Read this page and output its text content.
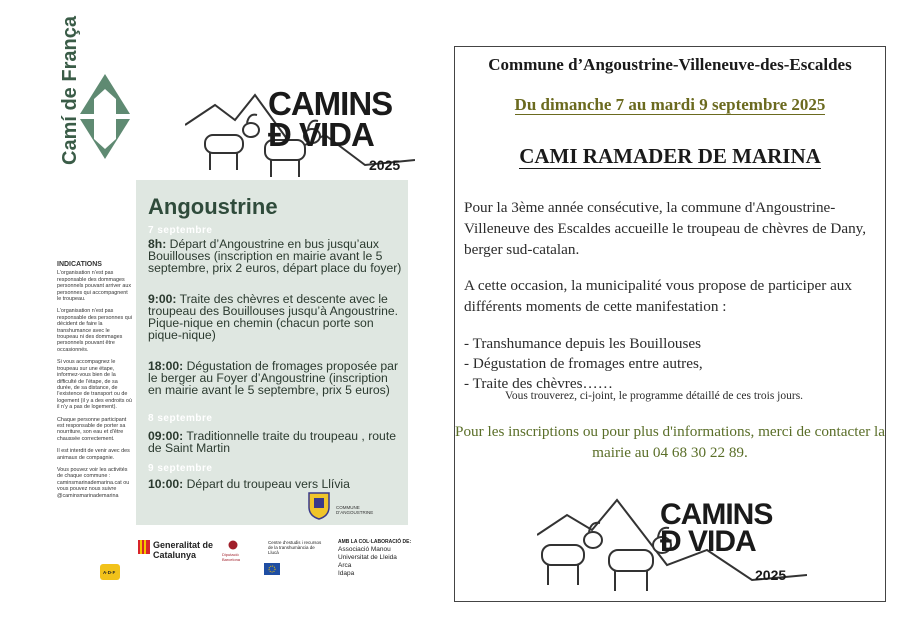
Camí de França	CAMINS
Đ VIDA
2025
Angoustrine
7 septembre
8h: Départ d’Angoustrine en bus jusqu’aux Bouillouses (inscription en mairie avant le 5 septembre, prix 2 euros, départ place du foyer)
9:00: Traite des chèvres et descente avec le troupeau des Bouillouses jusqu’à Angoustrine. Pique-nique en chemin (chacun porte son pique-nique)
18:00: Dégustation de fromages proposée par le berger au Foyer d’Angoustrine (inscription en mairie avant le 5 septembre, prix 5 euros)
8 septembre
09:00: Traditionnelle traite du troupeau , route de Saint Martin
9 septembre
10:00: Départ du troupeau vers Llívia
COMMUNE D’ANGOUSTRINE
INDICATIONS

L’organisation n’est pas responsable des dommages personnels pouvant arriver aux personnes qui accompagnent le troupeau.

L’organisation n’est pas responsable des personnes qui décident de faire la transhumance avec le troupeau ni des dommages personnels pouvant être occasionnés.

Si vous accompagnez le troupeau sur une étape, informez-vous bien de la difficulté de l’étape, de sa durée, de sa distance, de l’existence de transport ou de logement (il y a des endroits où il n’y a pas de logement).

Chaque personne participant est responsable de porter sa nourriture, son eau et d’être chaussée correctement.

Il est interdit de venir avec des animaux de compagnie.

Vous pouvez voir les activités de chaque commune : caminsmarinademarina.cat ou vous pouvez nous suivre @caminsmarinademarina

Generalitat de Catalunya	Diputació Barcelona
Centre d’estudis i recursos de la transhumància de Llucà
AMB LA COL·LABORACIÓ DE:
Associació Manou
Universitat de Lleida
Arca
Idapa
A·D·F
Commune d’Angoustrine-Villeneuve-des-Escaldes
Du dimanche 7 au mardi 9 septembre 2025
CAMI RAMADER DE MARINA
Pour la 3ème année consécutive, la commune d'Angoustrine-Villeneuve des Escaldes accueille le troupeau de chèvres de Dany, berger sud-catalan.
A cette occasion, la municipalité vous propose de participer aux différents moments de cette manifestation :
- Transhumance depuis les Bouillouses
- Dégustation de fromages entre autres,
- Traite des chèvres……
Vous trouverez, ci-joint, le programme détaillé de ces trois jours.
Pour les inscriptions ou pour plus d'informations, merci de contacter la mairie au 04 68 30 22 89.
CAMINS
Đ VIDA
2025
